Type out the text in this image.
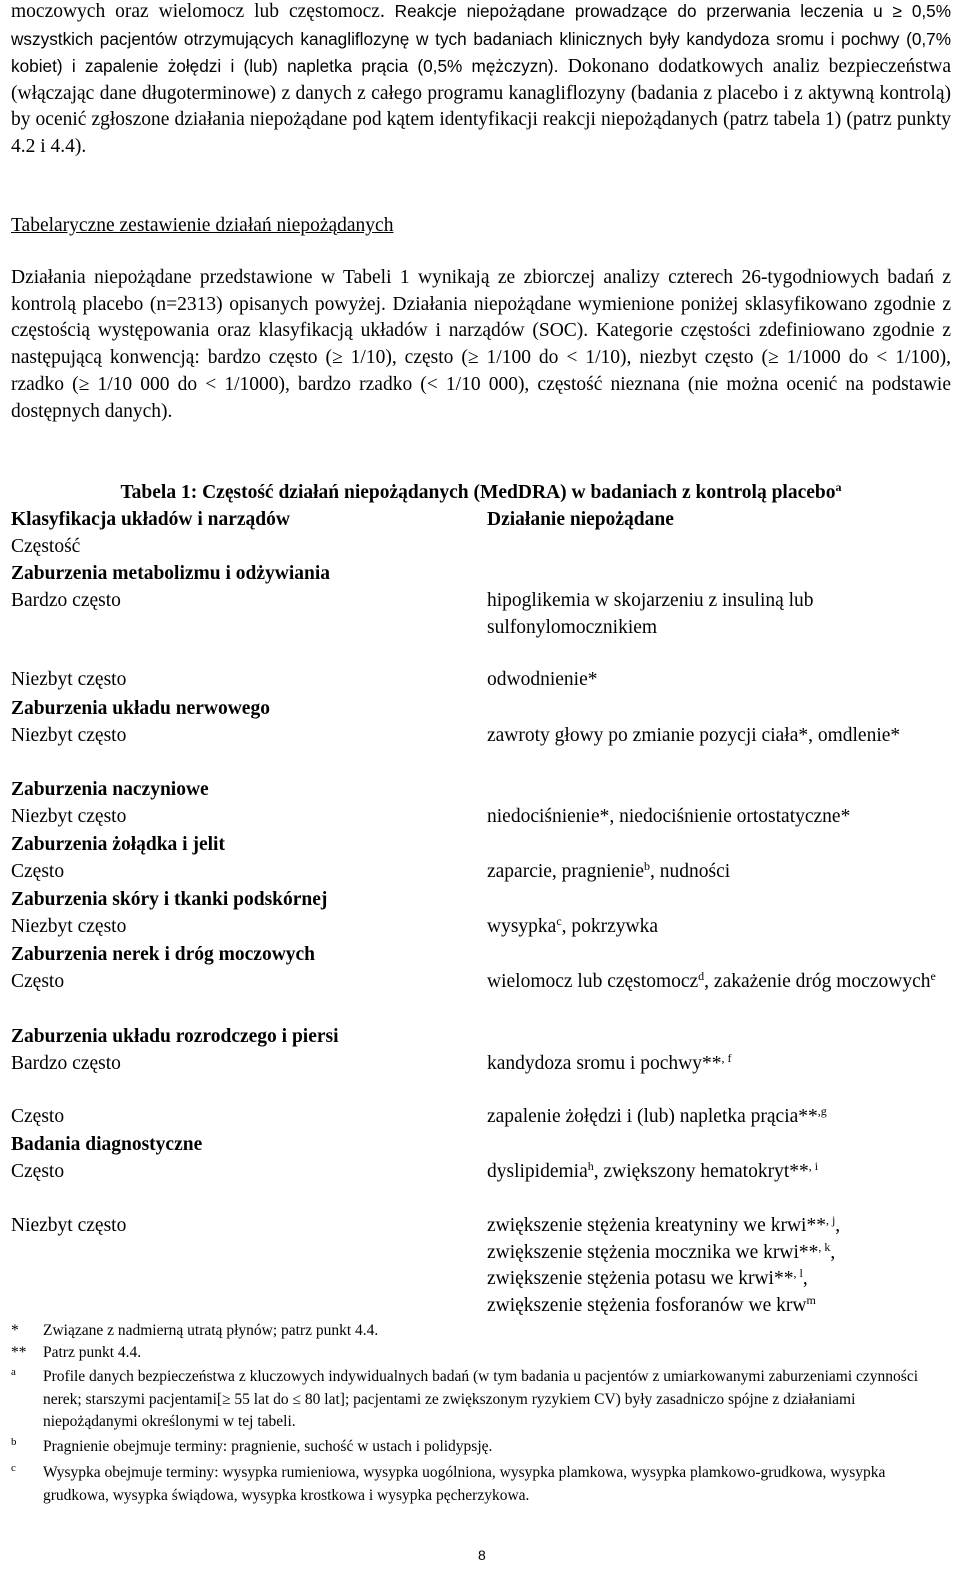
moczowych oraz wielomocz lub częstomocz. Reakcje niepożądane prowadzące do przerwania leczenia u ≥ 0,5% wszystkich pacjentów otrzymujących kanagliflozynę w tych badaniach klinicznych były kandydoza sromu i pochwy (0,7% kobiet) i zapalenie żołędzi i (lub) napletka prącia (0,5% mężczyzn). Dokonano dodatkowych analiz bezpieczeństwa (włączając dane długoterminowe) z danych z całego programu kanagliflozyny (badania z placebo i z aktywną kontrolą) by ocenić zgłoszone działania niepożądane pod kątem identyfikacji reakcji niepożądanych (patrz tabela 1) (patrz punkty 4.2 i 4.4).

Tabelaryczne zestawienie działań niepożądanych

Działania niepożądane przedstawione w Tabeli 1 wynikają ze zbiorczej analizy czterech 26-tygodniowych badań z kontrolą placebo (n=2313) opisanych powyżej. Działania niepożądane wymienione poniżej sklasyfikowano zgodnie z częstością występowania oraz klasyfikacją układów i narządów (SOC). Kategorie częstości zdefiniowano zgodnie z następującą konwencją: bardzo często (≥ 1/10), często (≥ 1/100 do < 1/10), niezbyt często (≥ 1/1000 do < 1/100), rzadko (≥ 1/10 000 do < 1/1000), bardzo rzadko (< 1/10 000), częstość nieznana (nie można ocenić na podstawie dostępnych danych).

Tabela 1: Częstość działań niepożądanych (MedDRA) w badaniach z kontrolą placebo$^a$

Klasyfikacja układów i narządów	Działanie niepożądane
Częstość
Zaburzenia metabolizmu i odżywiania
Bardzo często	hipoglikemia w skojarzeniu z insuliną lub sulfonylomocznikiem
Niezbyt często	odwodnienie*
Zaburzenia układu nerwowego
Niezbyt często	zawroty głowy po zmianie pozycji ciała*, omdlenie*
Zaburzenia naczyniowe
Niezbyt często	niedociśnienie*, niedociśnienie ortostatyczne*
Zaburzenia żołądka i jelit
Często	zaparcie, pragnienie$^b$, nudności
Zaburzenia skóry i tkanki podskórnej
Niezbyt często	wysypka$^c$, pokrzywka
Zaburzenia nerek i dróg moczowych
Często	wielomocz lub częstomocz$^d$, zakażenie dróg moczowych$^e$
Zaburzenia układu rozrodczego i piersi
Bardzo często	kandydoza sromu i pochwy**$^{, f}$
Często	zapalenie żołędzi i (lub) napletka prącia**$^{,g}$
Badania diagnostyczne
Często	dyslipidemia$^h$, zwiększony hematokryt**$^{, i}$
Niezbyt często	zwiększenie stężenia kreatyniny we krwi**$^{, j}$,
zwiększenie stężenia mocznika we krwi**$^{, k}$,
zwiększenie stężenia potasu we krwi**$^{, l}$,
zwiększenie stężenia fosforanów we krw$^m$
*	Związane z nadmierną utratą płynów; patrz punkt 4.4.
**	Patrz punkt 4.4.
$^a$	Profile danych bezpieczeństwa z kluczowych indywidualnych badań (w tym badania u pacjentów z umiarkowanymi zaburzeniami czynności nerek; starszymi pacjentami[≥ 55 lat do ≤ 80 lat]; pacjentami ze zwiększonym ryzykiem CV) były zasadniczo spójne z działaniami niepożądanymi określonymi w tej tabeli.
$^b$	Pragnienie obejmuje terminy: pragnienie, suchość w ustach i polidypsję.
$^c$	Wysypka obejmuje terminy: wysypka rumieniowa, wysypka uogólniona, wysypka plamkowa, wysypka plamkowo-grudkowa, wysypka grudkowa, wysypka świądowa, wysypka krostkowa i wysypka pęcherzykowa.
8
